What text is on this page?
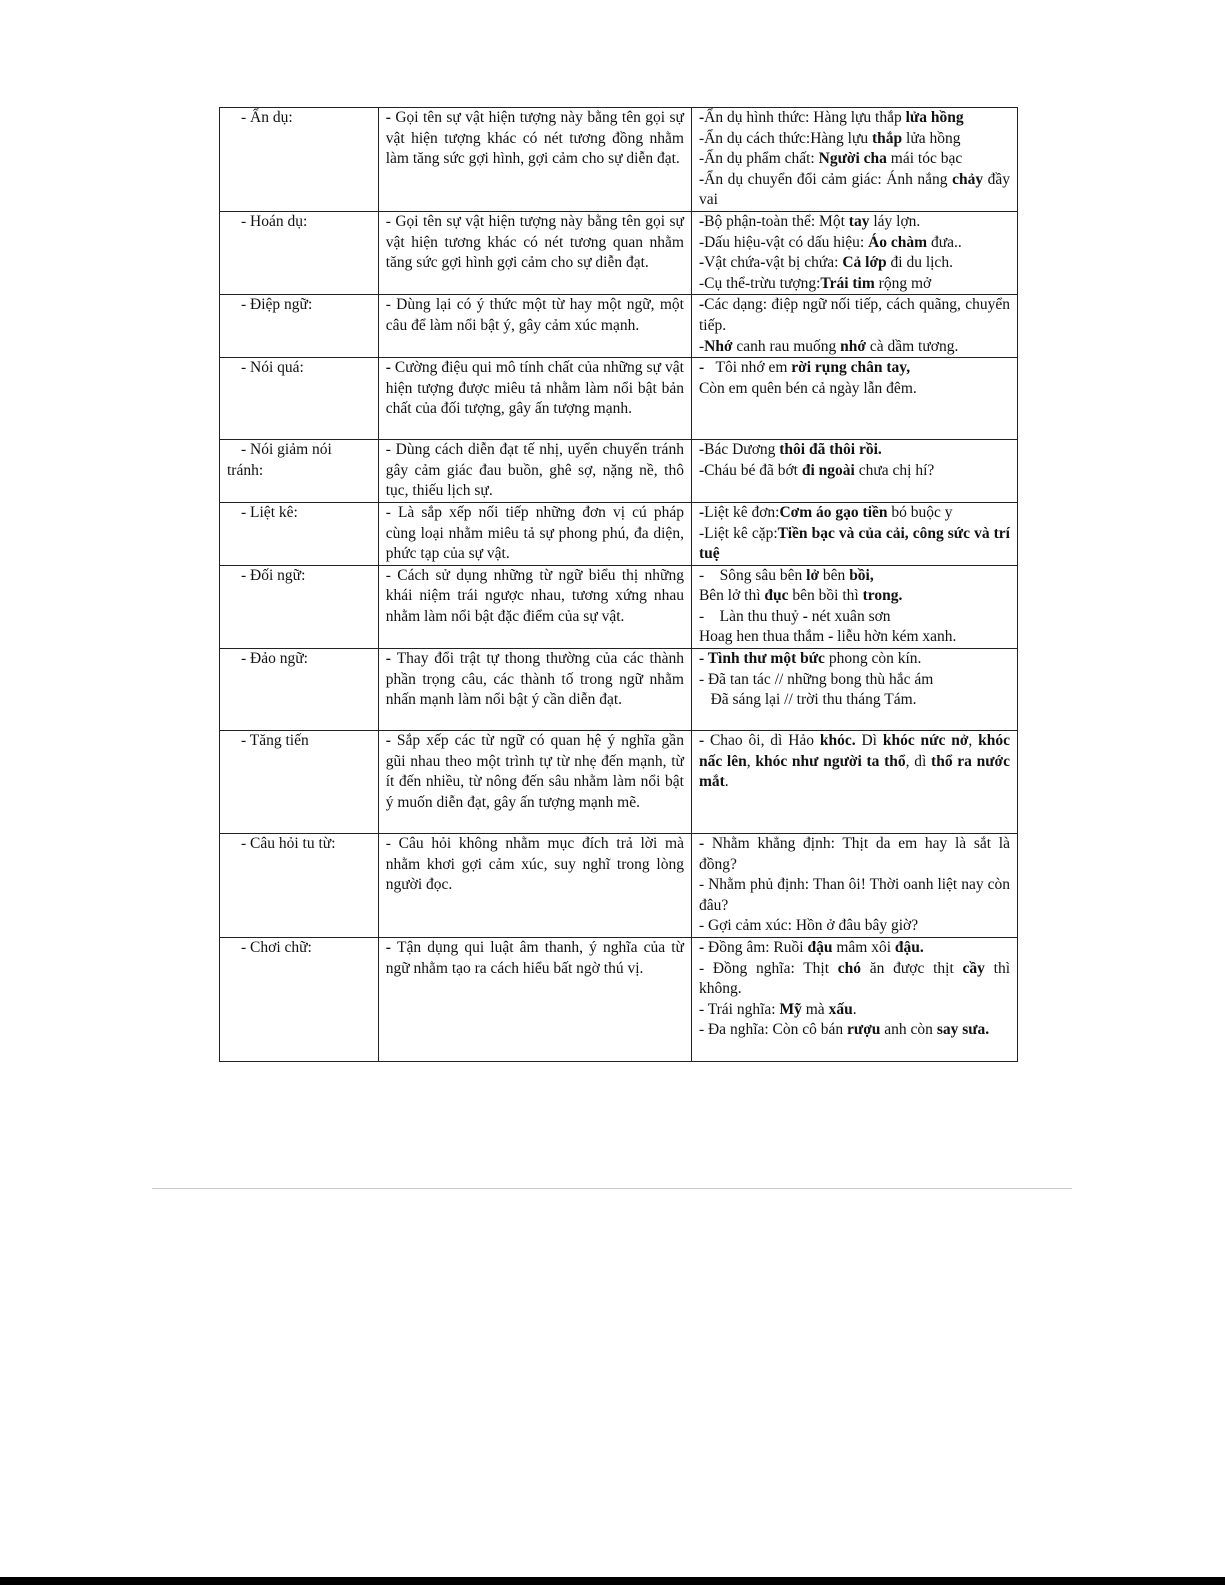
- Ẩn dụ:	- Gọi tên sự vật hiện tượng này bằng tên gọi sự vật hiện tượng khác có nét tương đồng nhằm làm tăng sức gợi hình, gợi cảm cho sự diễn đạt.	-Ẩn dụ hình thức: Hàng lựu thắp lửa hồng
-Ẩn dụ cách thức:Hàng lựu thắp lửa hồng
-Ẩn dụ phẩm chất: Người cha mái tóc bạc
-Ẩn dụ chuyển đổi cảm giác: Ánh nắng chảy đầy vai

- Hoán dụ:	- Gọi tên sự vật hiện tượng này bằng tên gọi sự vật hiện tương khác có nét tương quan nhằm tăng sức gợi hình gợi cảm cho sự diễn đạt.	-Bộ phận-toàn thể: Một tay láy lợn.
-Dấu hiệu-vật có dấu hiệu: Áo chàm đưa..
-Vật chứa-vật bị chứa: Cả lớp đi du lịch.
-Cụ thể-trừu tượng:Trái tim rộng mở

- Điệp ngữ:	- Dùng lại có ý thức một từ hay một ngữ, một câu để làm nổi bật ý, gây cảm xúc mạnh.	-Các dạng: điệp ngữ nối tiếp, cách quãng, chuyển tiếp.
-Nhớ canh rau muống nhớ cà dầm tương.

- Nói quá:	- Cường điệu qui mô tính chất của những sự vật hiện tượng được miêu tả nhằm làm nổi bật bản chất của đối tượng, gây ấn tượng mạnh.	-   Tôi nhớ em rời rụng chân tay,
Còn em quên bén cả ngày lẫn đêm.

- Nói giảm nói tránh:	- Dùng cách diễn đạt tế nhị, uyển chuyển tránh gây cảm giác đau buồn, ghê sợ, nặng nề, thô tục, thiếu lịch sự.	-Bác Dương thôi đã thôi rồi.
-Cháu bé đã bớt đi ngoài chưa chị hí?

- Liệt kê:	- Là sắp xếp nối tiếp những đơn vị cú pháp cùng loại nhằm miêu tả sự phong phú, đa diện, phức tạp của sự vật.	-Liệt kê đơn:Cơm áo gạo tiền bó buộc y
-Liệt kê cặp:Tiền bạc và của cải, công sức và trí tuệ

- Đối ngữ:	- Cách sử dụng những từ ngữ biểu thị những khái niệm trái ngược nhau, tương xứng nhau nhằm làm nổi bật đặc điểm của sự vật.	-    Sông sâu bên lở bên bồi,
Bên lở thì đục bên bồi thì trong.
-    Làn thu thuỷ - nét xuân sơn
Hoag hen thua thắm - liễu hờn kém xanh.

- Đảo ngữ:	- Thay đổi trật tự thong thường của các thành phần trọng câu, các thành tố trong ngữ nhằm nhấn mạnh làm nổi bật ý cần diễn đạt.	- Tình thư một bức phong còn kín.
- Đã tan tác // những bong thù hắc ám
Đã sáng lại // trời thu tháng Tám.

- Tăng tiến	- Sắp xếp các từ ngữ có quan hệ ý nghĩa gần gũi nhau theo một trình tự từ nhẹ đến mạnh, từ ít đến nhiều, từ nông đến sâu nhằm làm nổi bật ý muốn diễn đạt, gây ấn tượng mạnh mẽ.	- Chao ôi, dì Hảo khóc. Dì khóc nức nở, khóc nấc lên, khóc như người ta thổ, dì thổ ra nước mắt.

- Câu hỏi tu từ:	- Câu hỏi không nhằm mục đích trả lời mà nhằm khơi gợi cảm xúc, suy nghĩ trong lòng người đọc.	- Nhằm khẳng định: Thịt da em hay là sắt là đồng?
- Nhằm phủ định: Than ôi! Thời oanh liệt nay còn đâu?
- Gợi cảm xúc: Hồn ở đâu bây giờ?

- Chơi chữ:	- Tận dụng qui luật âm thanh, ý nghĩa của từ ngữ nhằm tạo ra cách hiểu bất ngờ thú vị.	- Đồng âm: Ruồi đậu mâm xôi đậu.
- Đồng nghĩa: Thịt chó ăn được thịt cầy thì không.
- Trái nghĩa: Mỹ mà xấu.
- Đa nghĩa: Còn cô bán rượu anh còn say sưa.
